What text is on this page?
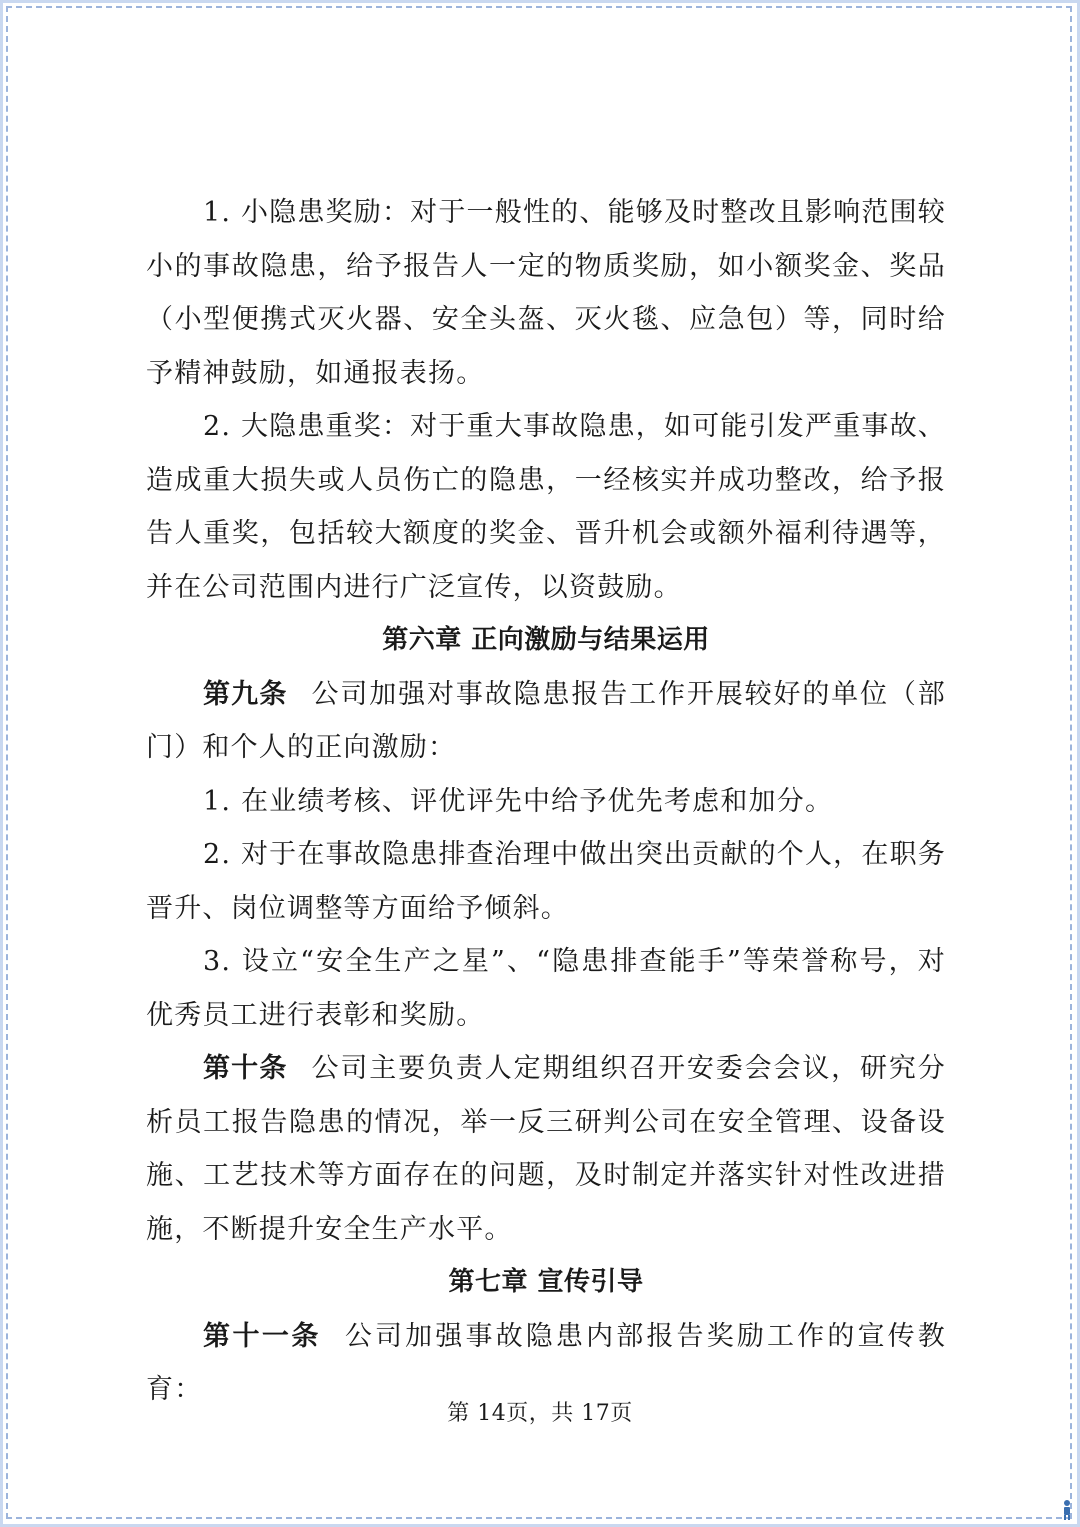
1. 小隐患奖励：对于一般性的、能够及时整改且影响范围较小的事故隐患，给予报告人一定的物质奖励，如小额奖金、奖品（小型便携式灭火器、安全头盔、灭火毯、应急包）等，同时给予精神鼓励，如通报表扬。

2. 大隐患重奖：对于重大事故隐患，如可能引发严重事故、造成重大损失或人员伤亡的隐患，一经核实并成功整改，给予报告人重奖，包括较大额度的奖金、晋升机会或额外福利待遇等，并在公司范围内进行广泛宣传，以资鼓励。

第六章 正向激励与结果运用

第九条 公司加强对事故隐患报告工作开展较好的单位（部门）和个人的正向激励：

1. 在业绩考核、评优评先中给予优先考虑和加分。

2. 对于在事故隐患排查治理中做出突出贡献的个人，在职务晋升、岗位调整等方面给予倾斜。

3. 设立“安全生产之星”、“隐患排查能手”等荣誉称号，对优秀员工进行表彰和奖励。

第十条 公司主要负责人定期组织召开安委会会议，研究分析员工报告隐患的情况，举一反三研判公司在安全管理、设备设施、工艺技术等方面存在的问题，及时制定并落实针对性改进措施，不断提升安全生产水平。

第七章 宣传引导

第十一条 公司加强事故隐患内部报告奖励工作的宣传教育：

第 14页，共 17页
